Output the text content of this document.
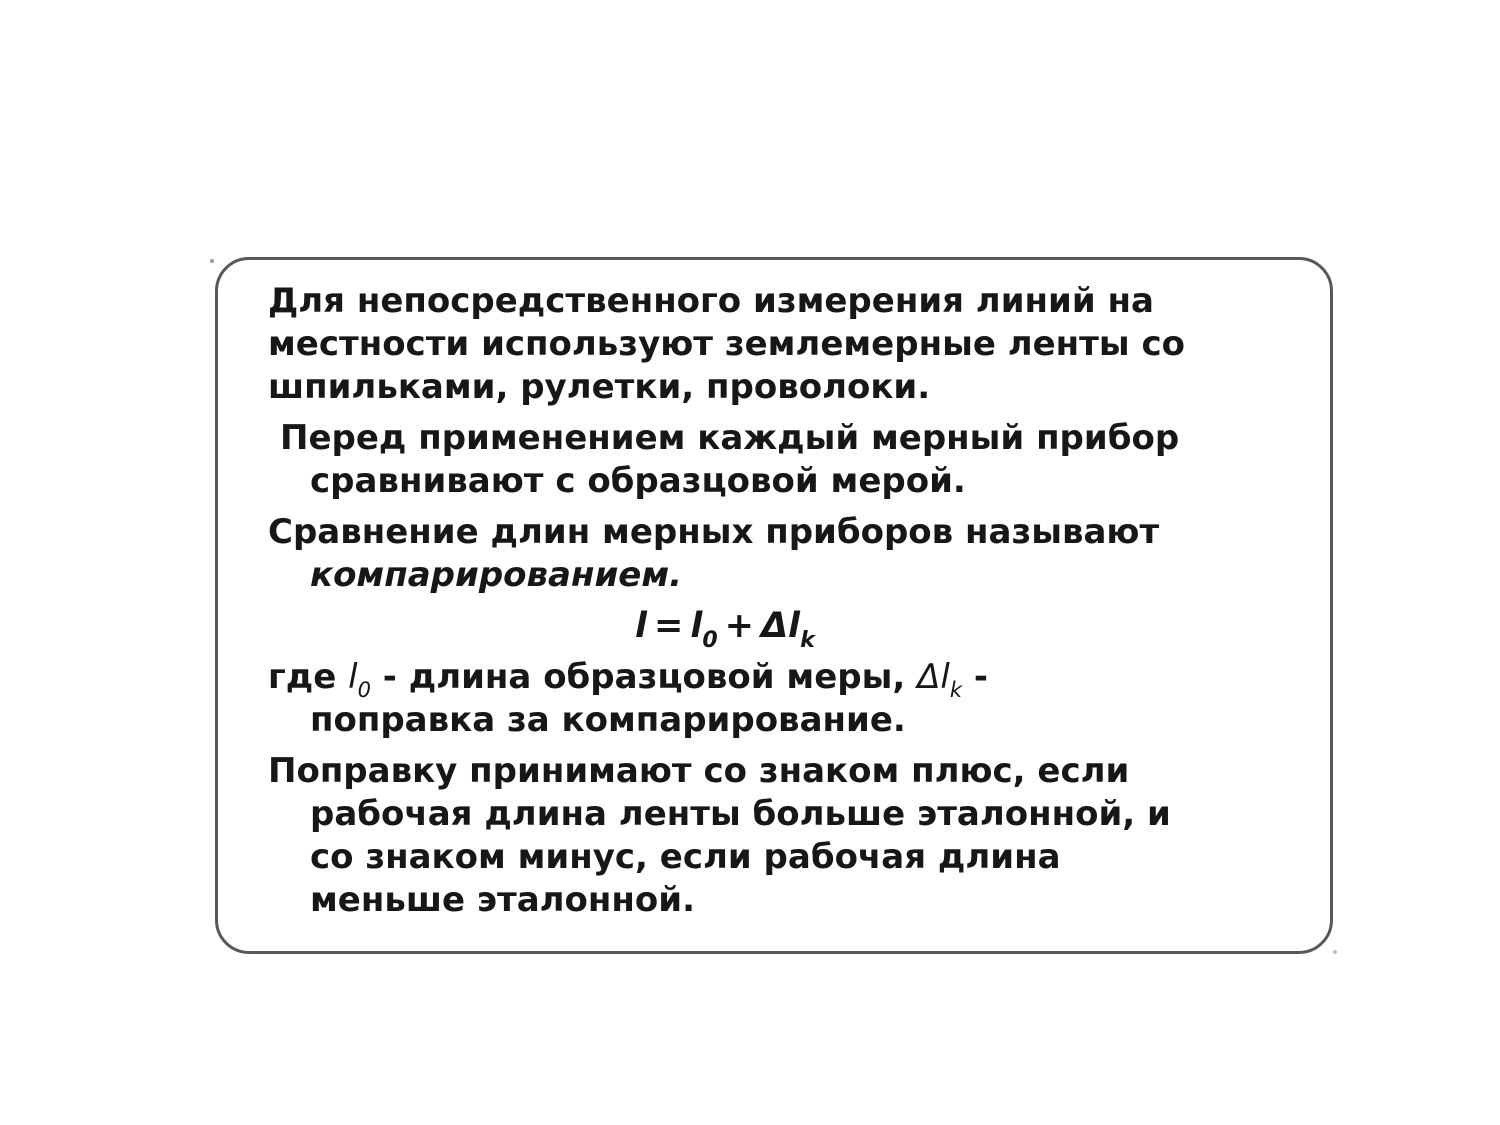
Для непосредственного измерения линий на
местности используют землемерные ленты со
шпильками, рулетки, проволоки.
Перед применением каждый мерный прибор
сравнивают с образцовой мерой.
Сравнение длин мерных приборов называют
компарированием.
l = l0 + Δlk
где l0 - длина образцовой меры, Δlk -
поправка за компарирование.
Поправку принимают со знаком плюс, если
рабочая длина ленты больше эталонной, и
со знаком минус, если рабочая длина
меньше эталонной.
